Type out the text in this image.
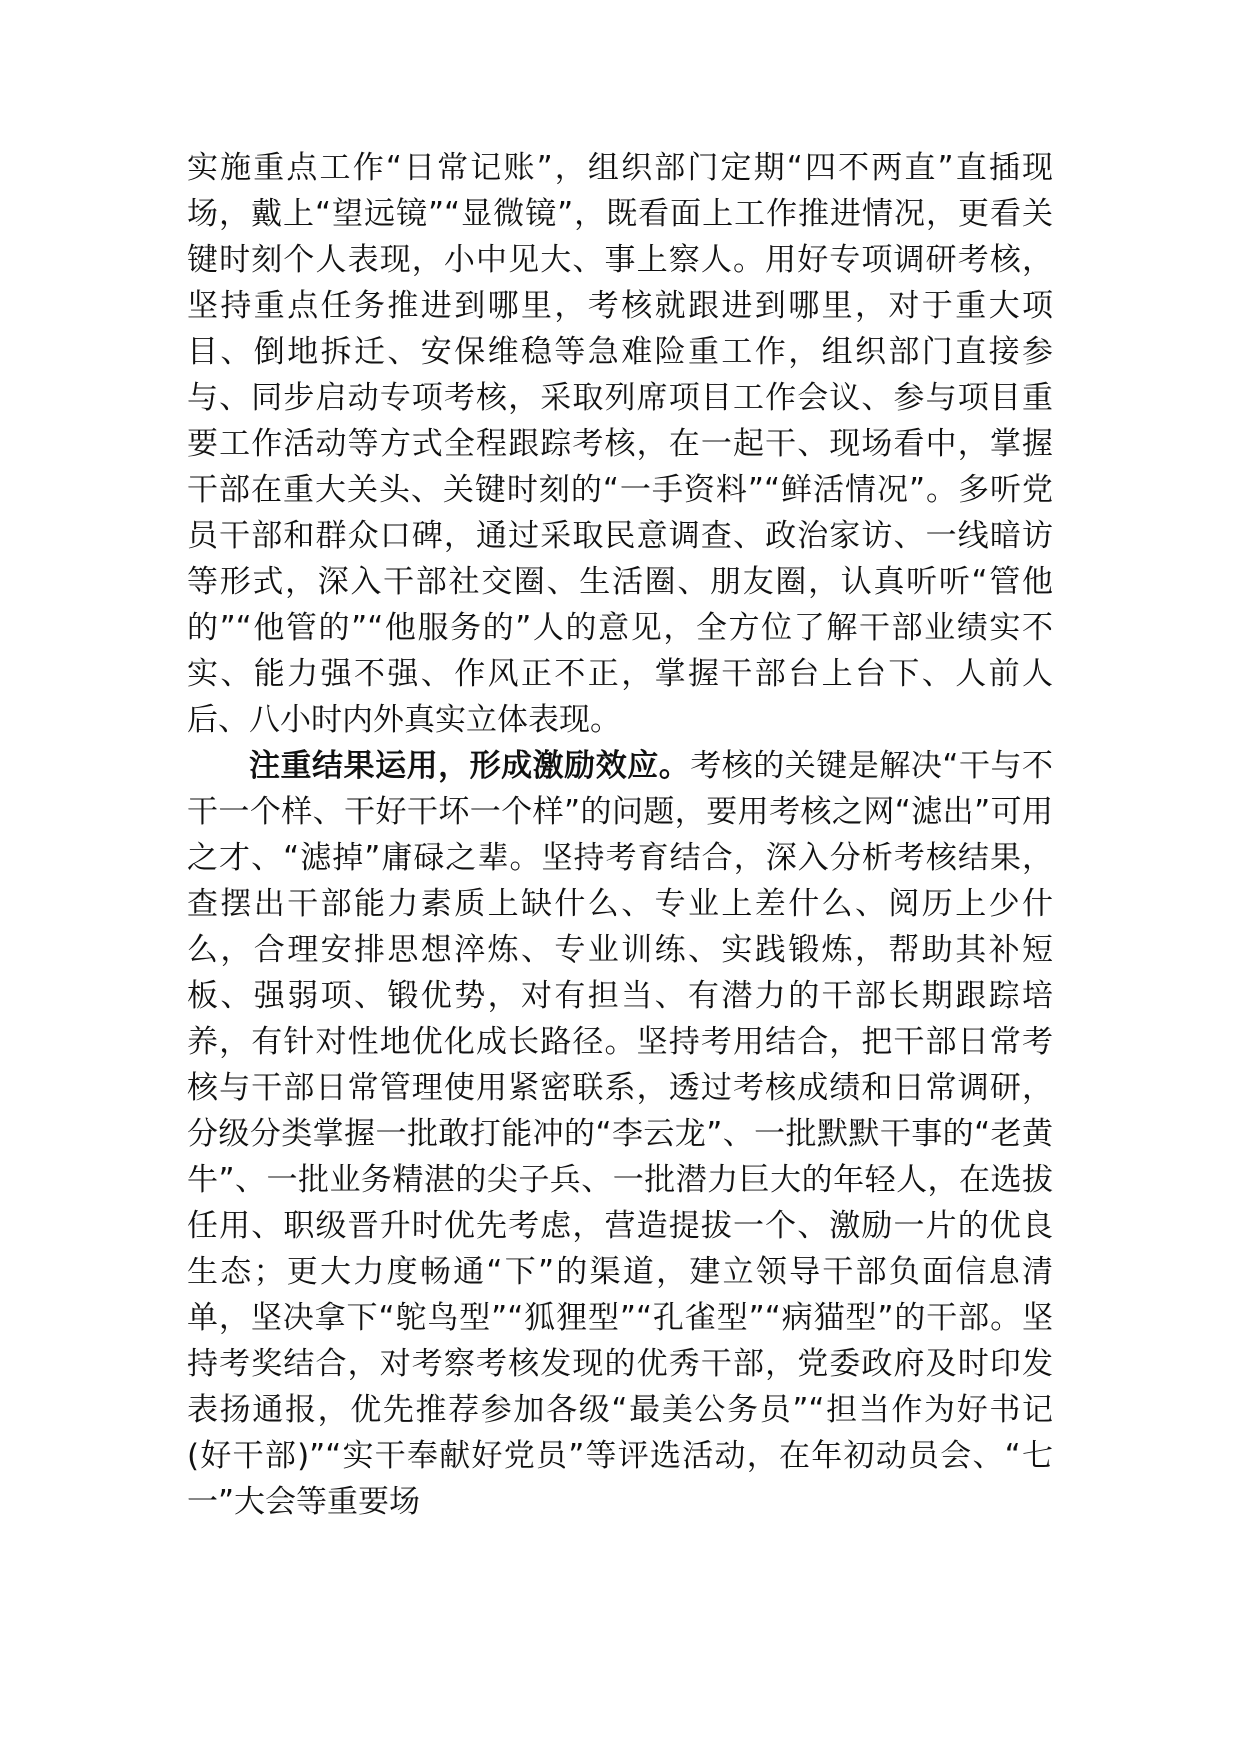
实施重点工作“日常记账”，组织部门定期“四不两直”直插现场，戴上“望远镜”“显微镜”，既看面上工作推进情况，更看关键时刻个人表现，小中见大、事上察人。用好专项调研考核，坚持重点任务推进到哪里，考核就跟进到哪里，对于重大项目、倒地拆迁、安保维稳等急难险重工作，组织部门直接参与、同步启动专项考核，采取列席项目工作会议、参与项目重要工作活动等方式全程跟踪考核，在一起干、现场看中，掌握干部在重大关头、关键时刻的“一手资料”“鲜活情况”。多听党员干部和群众口碑，通过采取民意调查、政治家访、一线暗访等形式，深入干部社交圈、生活圈、朋友圈，认真听听“管他的”“他管的”“他服务的”人的意见，全方位了解干部业绩实不实、能力强不强、作风正不正，掌握干部台上台下、人前人后、八小时内外真实立体表现。

注重结果运用，形成激励效应。考核的关键是解决“干与不干一个样、干好干坏一个样”的问题，要用考核之网“滤出”可用之才、“滤掉”庸碌之辈。坚持考育结合，深入分析考核结果，查摆出干部能力素质上缺什么、专业上差什么、阅历上少什么，合理安排思想淬炼、专业训练、实践锻炼，帮助其补短板、强弱项、锻优势，对有担当、有潜力的干部长期跟踪培养，有针对性地优化成长路径。坚持考用结合，把干部日常考核与干部日常管理使用紧密联系，透过考核成绩和日常调研，分级分类掌握一批敢打能冲的“李云龙”、一批默默干事的“老黄牛”、一批业务精湛的尖子兵、一批潜力巨大的年轻人，在选拔任用、职级晋升时优先考虑，营造提拔一个、激励一片的优良生态；更大力度畅通“下”的渠道，建立领导干部负面信息清单，坚决拿下“鸵鸟型”“狐狸型”“孔雀型”“病猫型”的干部。坚持考奖结合，对考察考核发现的优秀干部，党委政府及时印发表扬通报，优先推荐参加各级“最美公务员”“担当作为好书记(好干部)”“实干奉献好党员”等评选活动，在年初动员会、“七一”大会等重要场
